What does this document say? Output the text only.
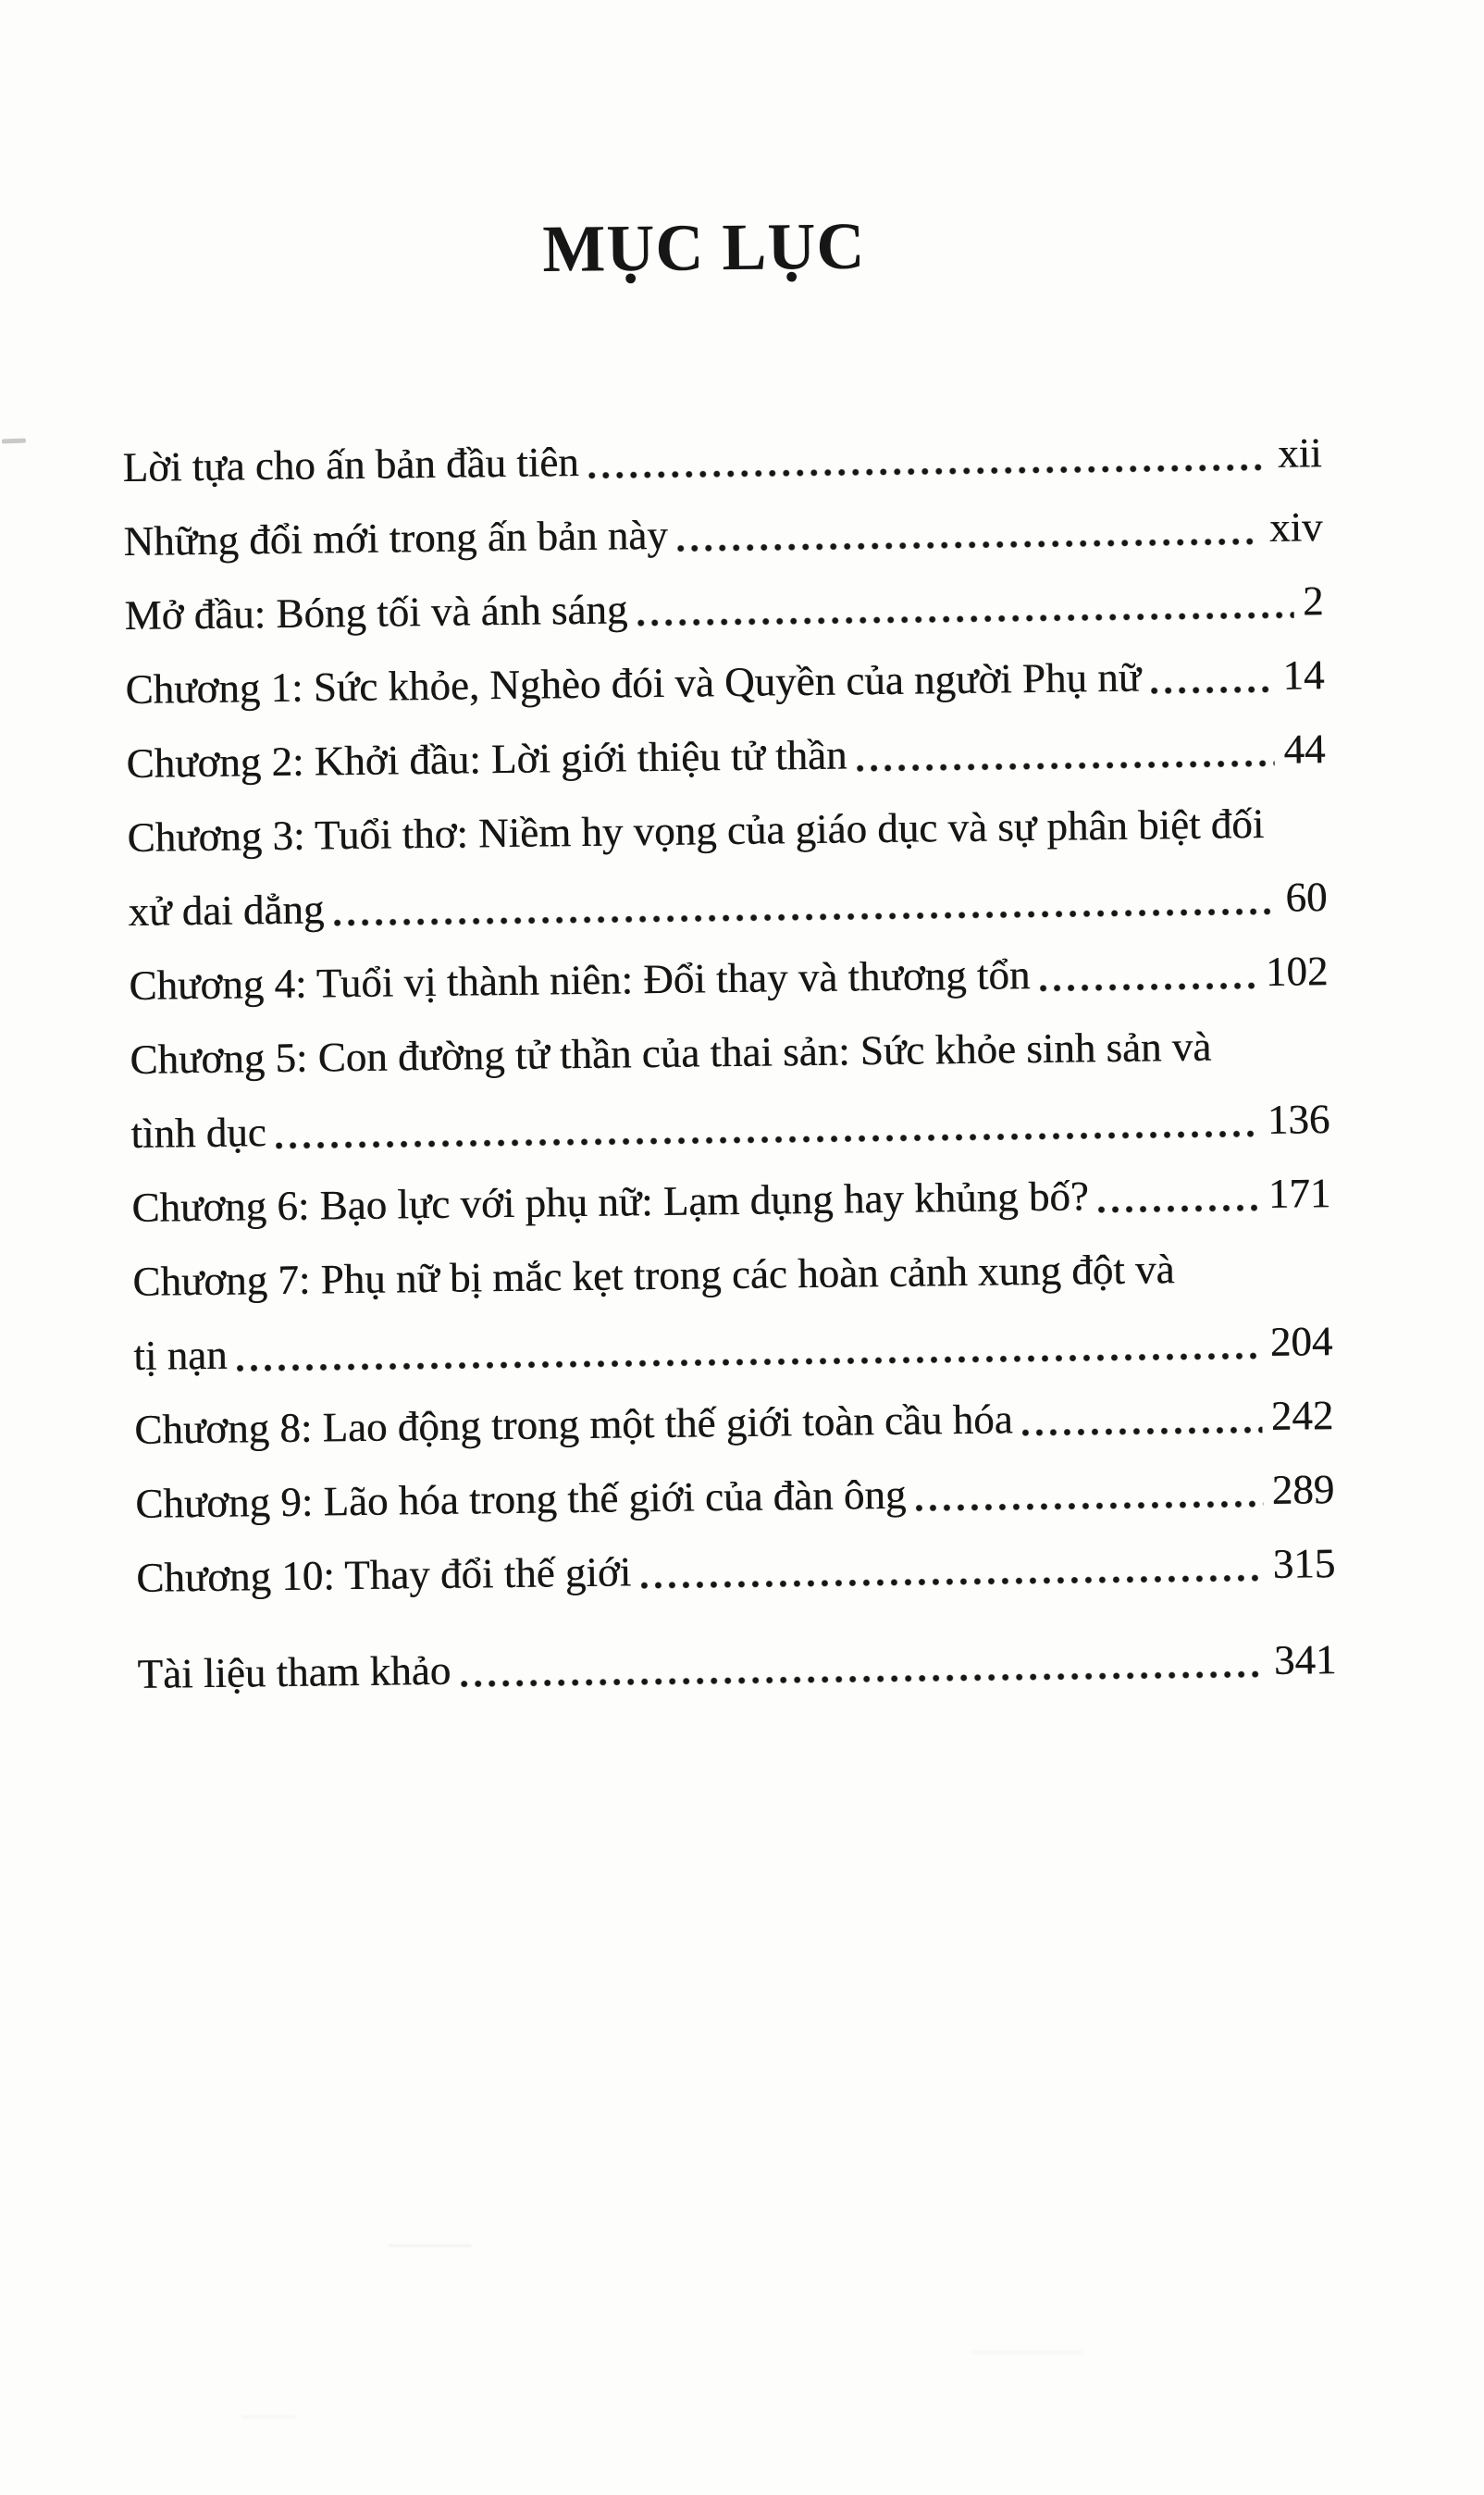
MỤC LỤC
Lời tựa cho ấn bản đầu tiên	xii
Những đổi mới trong ấn bản này	xiv
Mở đầu: Bóng tối và ánh sáng	2
Chương 1: Sức khỏe, Nghèo đói và Quyền của người Phụ nữ	14
Chương 2: Khởi đầu: Lời giới thiệu tử thần	44
Chương 3: Tuổi thơ: Niềm hy vọng của giáo dục và sự phân biệt đối
xử dai dẳng	60
Chương 4: Tuổi vị thành niên: Đổi thay và thương tổn	102
Chương 5: Con đường tử thần của thai sản: Sức khỏe sinh sản và
tình dục	136
Chương 6: Bạo lực với phụ nữ: Lạm dụng hay khủng bố?	171
Chương 7: Phụ nữ bị mắc kẹt trong các hoàn cảnh xung đột và
tị nạn	204
Chương 8: Lao động trong một thế giới toàn cầu hóa	242
Chương 9: Lão hóa trong thế giới của đàn ông	289
Chương 10: Thay đổi thế giới	315
Tài liệu tham khảo	341
